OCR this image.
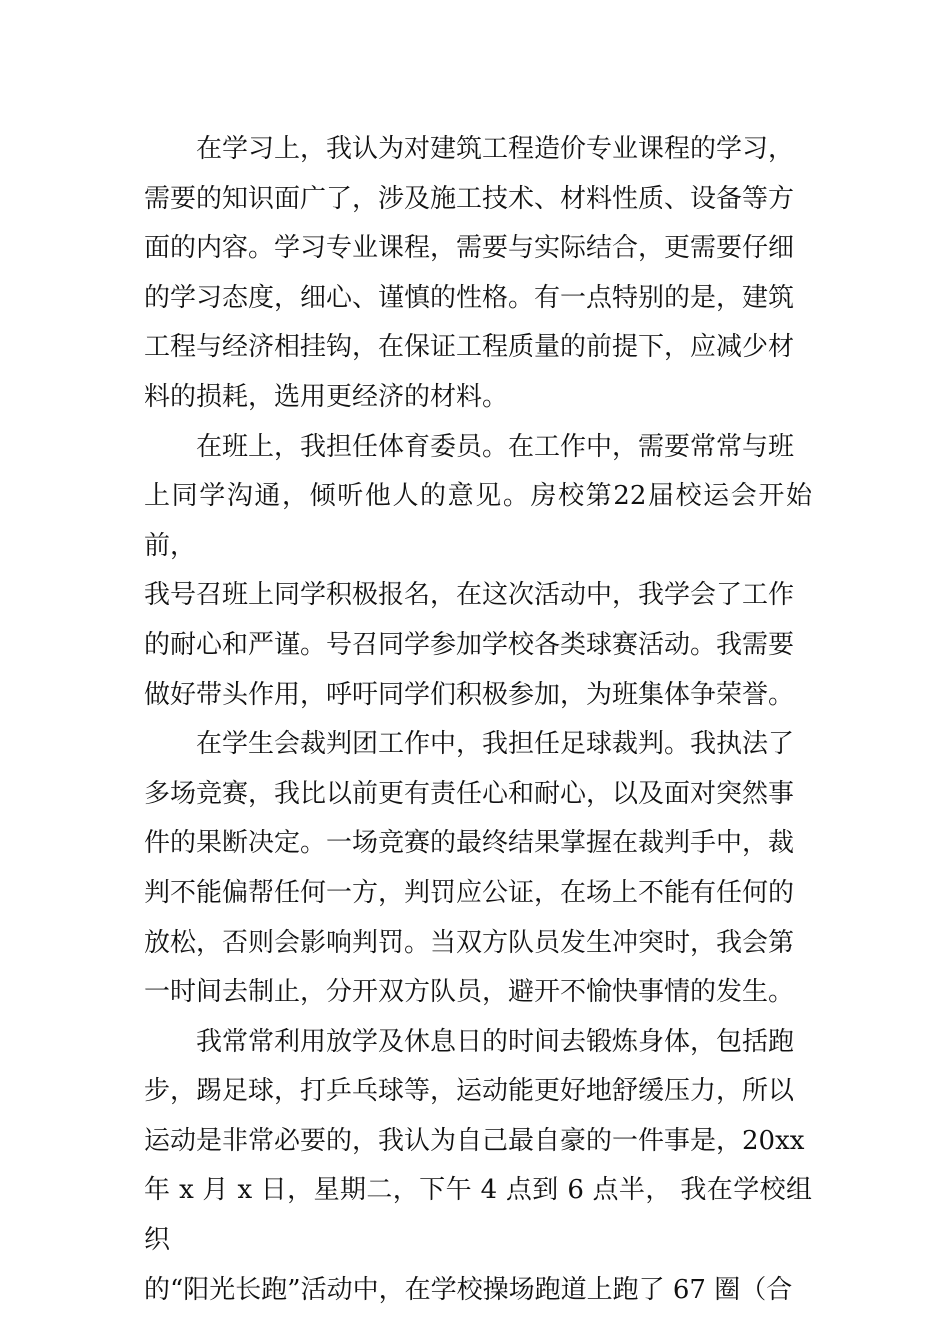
在学习上，我认为对建筑工程造价专业课程的学习，
需要的知识面广了，涉及施工技术、材料性质、设备等方
面的内容。学习专业课程，需要与实际结合，更需要仔细
的学习态度，细心、谨慎的性格。有一点特别的是，建筑
工程与经济相挂钩，在保证工程质量的前提下，应减少材
料的损耗，选用更经济的材料。

在班上，我担任体育委员。在工作中，需要常常与班
上同学沟通，倾听他人的意见。房校第22届校运会开始前，
我号召班上同学积极报名，在这次活动中，我学会了工作
的耐心和严谨。号召同学参加学校各类球赛活动。我需要
做好带头作用，呼吁同学们积极参加，为班集体争荣誉。

在学生会裁判团工作中，我担任足球裁判。我执法了
多场竞赛，我比以前更有责任心和耐心，以及面对突然事
件的果断决定。一场竞赛的最终结果掌握在裁判手中，裁
判不能偏帮任何一方，判罚应公证，在场上不能有任何的
放松，否则会影响判罚。当双方队员发生冲突时，我会第
一时间去制止，分开双方队员，避开不愉快事情的发生。

我常常利用放学及休息日的时间去锻炼身体，包括跑
步，踢足球，打乒乓球等，运动能更好地舒缓压力，所以
运动是非常必要的，我认为自己最自豪的一件事是，20xx
年 x 月 x 日，星期二，下午 4 点到 6 点半， 我在学校组织
的“阳光长跑”活动中，在学校操场跑道上跑了 67 圈（合
